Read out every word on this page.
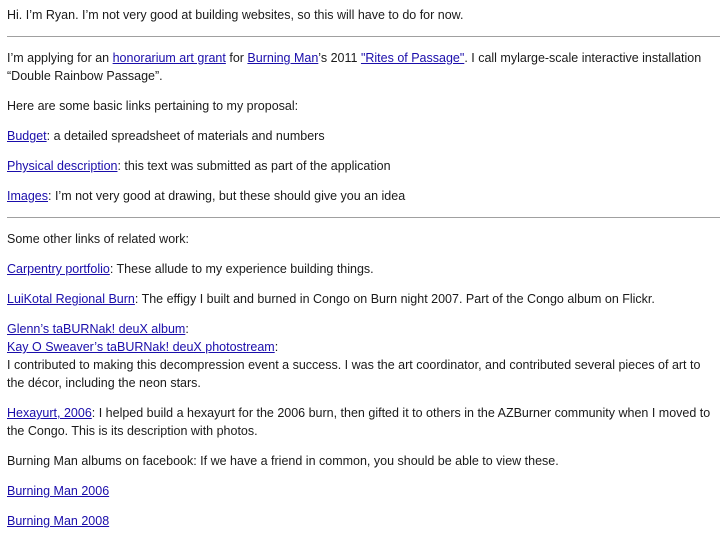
Hi. I’m Ryan. I’m not very good at building websites, so this will have to do for now.

I’m applying for an honorarium art grant for Burning Man’s 2011 "Rites of Passage". I call mylarge-scale interactive installation “Double Rainbow Passage”.

Here are some basic links pertaining to my proposal:

Budget: a detailed spreadsheet of materials and numbers

Physical description: this text was submitted as part of the application

Images: I’m not very good at drawing, but these should give you an idea

Some other links of related work:

Carpentry portfolio: These allude to my experience building things.

LuiKotal Regional Burn: The effigy I built and burned in Congo on Burn night 2007. Part of the Congo album on Flickr.

Glenn’s taBURNak! deuX album:
Kay O Sweaver’s taBURNak! deuX photostream:
I contributed to making this decompression event a success. I was the art coordinator, and contributed several pieces of art to the décor, including the neon stars.

Hexayurt, 2006: I helped build a hexayurt for the 2006 burn, then gifted it to others in the AZBurner community when I moved to the Congo. This is its description with photos.

Burning Man albums on facebook: If we have a friend in common, you should be able to view these.

Burning Man 2006

Burning Man 2008
